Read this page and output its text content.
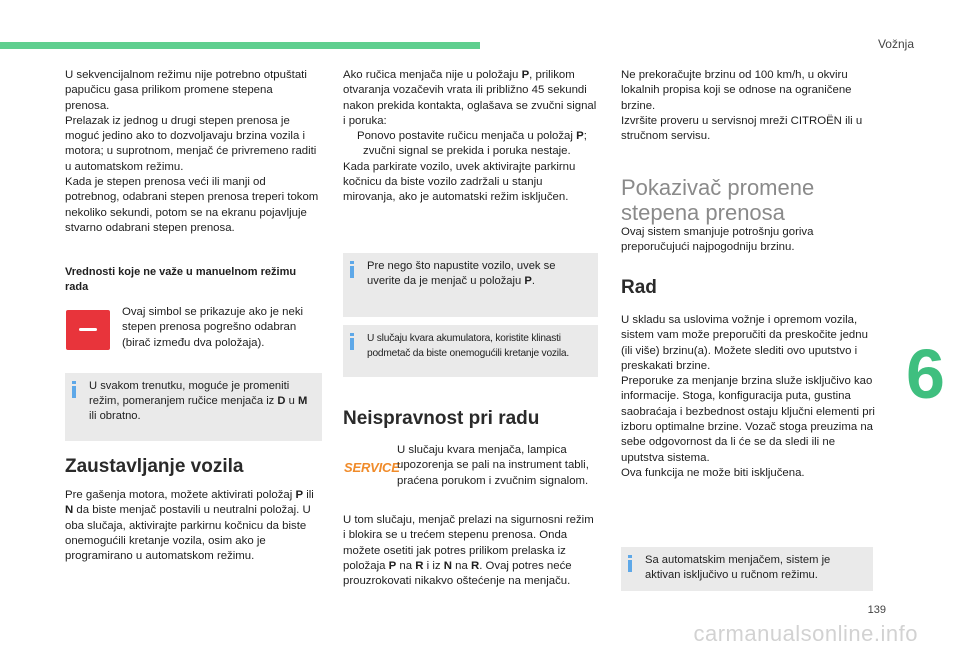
Vožnja

U sekvencijalnom režimu nije potrebno otpuštati papučicu gasa prilikom promene stepena prenosa.

Prelazak iz jednog u drugi stepen prenosa je moguć jedino ako to dozvoljavaju brzina vozila i motora; u suprotnom, menjač će privremeno raditi u automatskom režimu.

Kada je stepen prenosa veći ili manji od potrebnog, odabrani stepen prenosa treperi tokom nekoliko sekundi, potom se na ekranu pojavljuje stvarno odabrani stepen prenosa.

Vrednosti koje ne važe u manuelnom režimu rada
Ovaj simbol se prikazuje ako je neki stepen prenosa pogrešno odabran (birač između dva položaja).
U svakom trenutku, moguće je promeniti režim, pomeranjem ručice menjača iz D u M ili obratno.
Zaustavljanje vozila

Pre gašenja motora, možete aktivirati položaj P ili N da biste menjač postavili u neutralni položaj. U oba slučaja, aktivirajte parkirnu kočnicu da biste onemogućili kretanje vozila, osim ako je programirano u automatskom režimu.

Ako ručica menjača nije u položaju P, prilikom otvaranja vozačevih vrata ili približno 45 sekundi nakon prekida kontakta, oglašava se zvučni signal i poruka:

Ponovo postavite ručicu menjača u položaj P; zvučni signal se prekida i poruka nestaje.

Kada parkirate vozilo, uvek aktivirajte parkirnu kočnicu da biste vozilo zadržali u stanju mirovanja, ako je automatski režim isključen.

Pre nego što napustite vozilo, uvek se uverite da je menjač u položaju P.
U slučaju kvara akumulatora, koristite klinasti podmetač da biste onemogućili kretanje vozila.
Neispravnost pri radu
SERVICE
U slučaju kvara menjača, lampica upozorenja se pali na instrument tabli, praćena porukom i zvučnim signalom.

U tom slučaju, menjač prelazi na sigurnosni režim i blokira se u trećem stepenu prenosa. Onda možete osetiti jak potres prilikom prelaska iz položaja P na R i iz N na R. Ovaj potres neće prouzrokovati nikakvo oštećenje na menjaču.

Ne prekoračujte brzinu od 100 km/h, u okviru lokalnih propisa koji se odnose na ograničene brzine.

Izvršite proveru u servisnoj mreži CITROËN ili u stručnom servisu.

Pokazivač promene stepena prenosa
Ovaj sistem smanjuje potrošnju goriva preporučujući najpogodniju brzinu.
Rad

U skladu sa uslovima vožnje i opremom vozila, sistem vam može preporučiti da preskočite jednu (ili više) brzinu(a). Možete slediti ovo uputstvo i preskakati brzine.

Preporuke za menjanje brzina služe isključivo kao informacije. Stoga, konfiguracija puta, gustina saobraćaja i bezbednost ostaju ključni elementi pri izboru optimalne brzine. Vozač stoga preuzima na sebe odgovornost da li će se da sledi ili ne uputstva sistema.

Ova funkcija ne može biti isključena.

Sa automatskim menjačem, sistem je aktivan isključivo u ručnom režimu.
6
139
carmanualsonline.info
